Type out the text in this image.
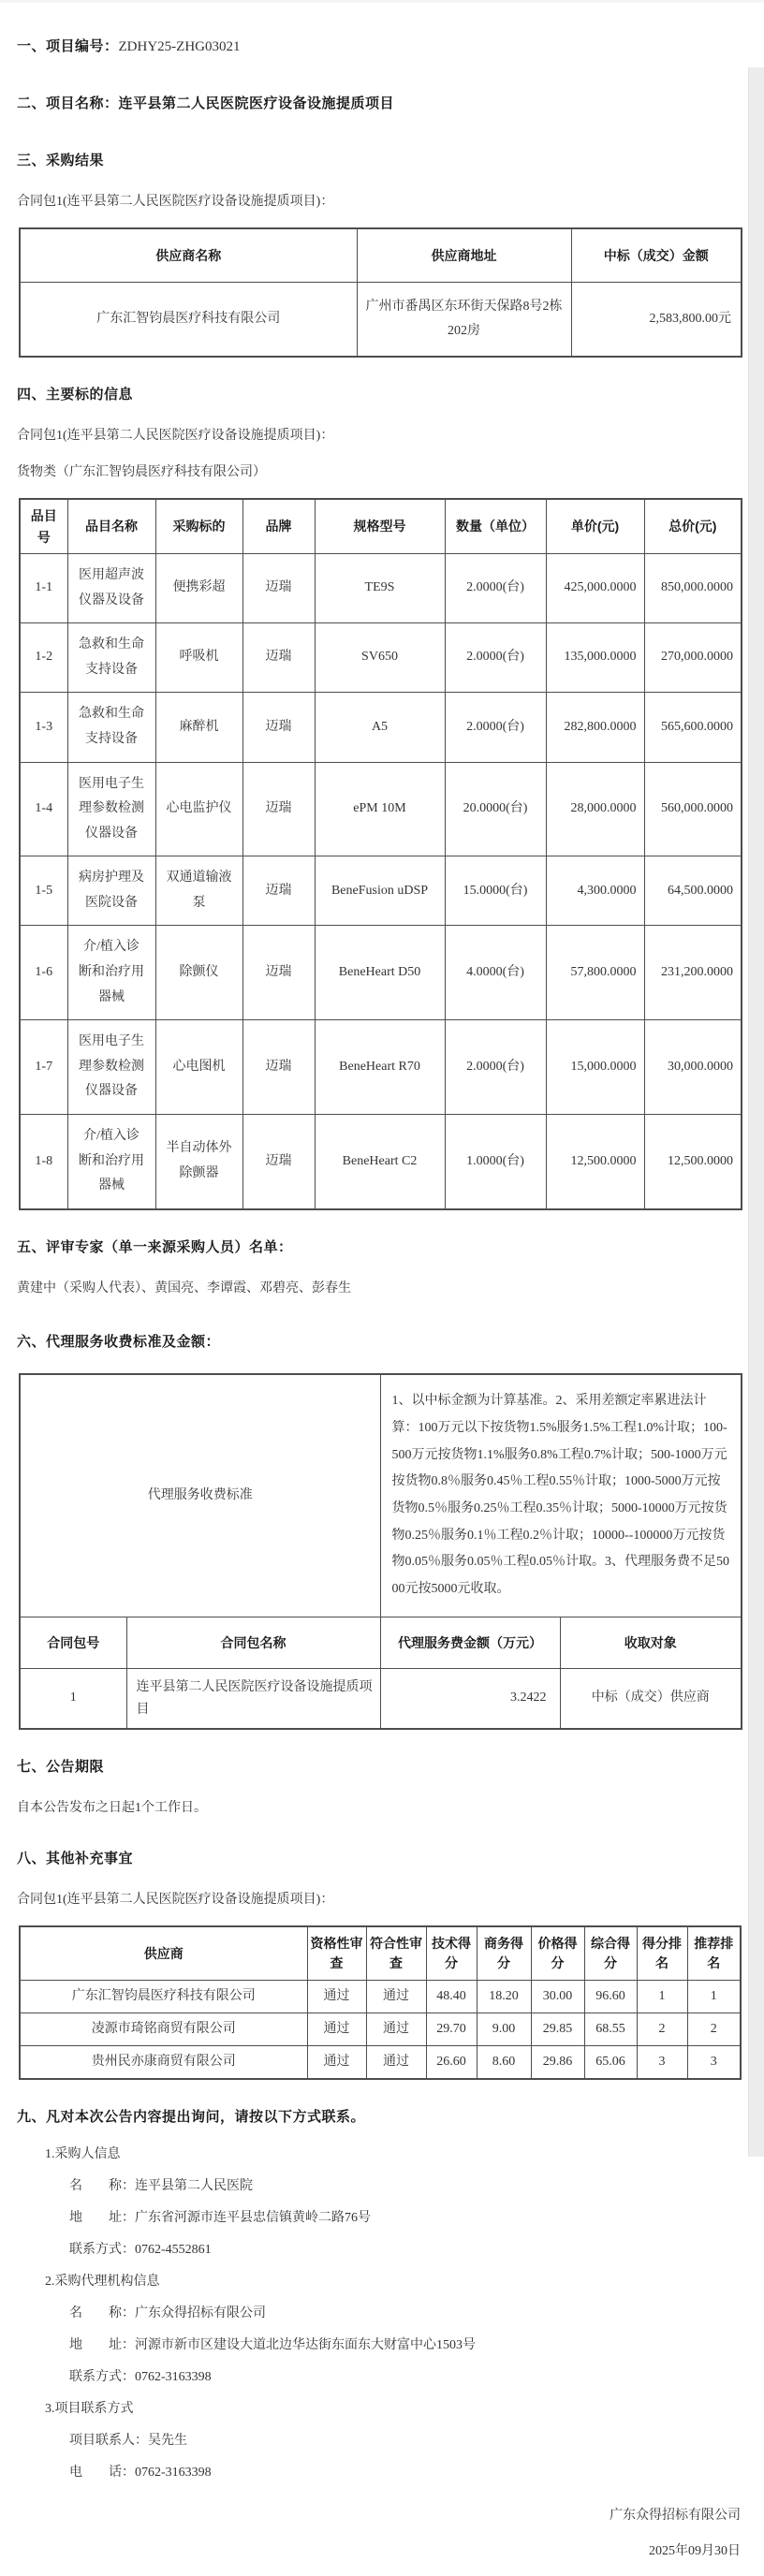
一、项目编号：ZDHY25-ZHG03021
二、项目名称：连平县第二人民医院医疗设备设施提质项目
三、采购结果
合同包1(连平县第二人民医院医疗设备设施提质项目)：
供应商名称	供应商地址	中标（成交）金额
广东汇智钧晨医疗科技有限公司	广州市番禺区东环街天保路8号2栋202房	2,583,800.00元
四、主要标的信息
合同包1(连平县第二人民医院医疗设备设施提质项目)：
货物类（广东汇智钧晨医疗科技有限公司）
品目号	品目名称	采购标的	品牌	规格型号	数量（单位）	单价(元)	总价(元)
1-1	医用超声波仪器及设备	便携彩超	迈瑞	TE9S	2.0000(台)	425,000.0000	850,000.0000
1-2	急救和生命支持设备	呼吸机	迈瑞	SV650	2.0000(台)	135,000.0000	270,000.0000
1-3	急救和生命支持设备	麻醉机	迈瑞	A5	2.0000(台)	282,800.0000	565,600.0000
1-4	医用电子生理参数检测仪器设备	心电监护仪	迈瑞	ePM 10M	20.0000(台)	28,000.0000	560,000.0000
1-5	病房护理及医院设备	双通道输液泵	迈瑞	BeneFusion uDSP	15.0000(台)	4,300.0000	64,500.0000
1-6	介/植入诊断和治疗用器械	除颤仪	迈瑞	BeneHeart D50	4.0000(台)	57,800.0000	231,200.0000
1-7	医用电子生理参数检测仪器设备	心电图机	迈瑞	BeneHeart R70	2.0000(台)	15,000.0000	30,000.0000
1-8	介/植入诊断和治疗用器械	半自动体外除颤器	迈瑞	BeneHeart C2	1.0000(台)	12,500.0000	12,500.0000
五、评审专家（单一来源采购人员）名单：
黄建中（采购人代表）、黄国亮、李谭霞、邓碧亮、彭春生
六、代理服务收费标准及金额：
代理服务收费标准		1、以中标金额为计算基准。2、采用差额定率累进法计算：100万元以下按货物1.5%服务1.5%工程1.0%计取；100-500万元按货物1.1%服务0.8%工程0.7%计取；500-1000万元按货物0.8％服务0.45％工程0.55％计取；1000-5000万元按货物0.5％服务0.25％工程0.35％计取；5000-10000万元按货物0.25％服务0.1％工程0.2％计取；10000--100000万元按货物0.05％服务0.05％工程0.05％计取。3、代理服务费不足5000元按5000元收取。	
合同包号	合同包名称	代理服务费金额（万元）	收取对象
1	连平县第二人民医院医疗设备设施提质项目	3.2422	中标（成交）供应商
七、公告期限
自本公告发布之日起1个工作日。
八、其他补充事宜
合同包1(连平县第二人民医院医疗设备设施提质项目)：
供应商	资格性审查	符合性审查	技术得分	商务得分	价格得分	综合得分	得分排名	推荐排名
广东汇智钧晨医疗科技有限公司	通过	通过	48.40	18.20	30.00	96.60	1	1
凌源市琦铭商贸有限公司	通过	通过	29.70	9.00	29.85	68.55	2	2
贵州民亦康商贸有限公司	通过	通过	26.60	8.60	29.86	65.06	3	3
九、凡对本次公告内容提出询问，请按以下方式联系。
1.采购人信息
名　　称：连平县第二人民医院
地　　址：广东省河源市连平县忠信镇黄岭二路76号
联系方式：0762-4552861
2.采购代理机构信息
名　　称：广东众得招标有限公司
地　　址：河源市新市区建设大道北边华达街东面东大财富中心1503号
联系方式：0762-3163398
3.项目联系方式
项目联系人：吴先生
电　　话：0762-3163398
广东众得招标有限公司
2025年09月30日
